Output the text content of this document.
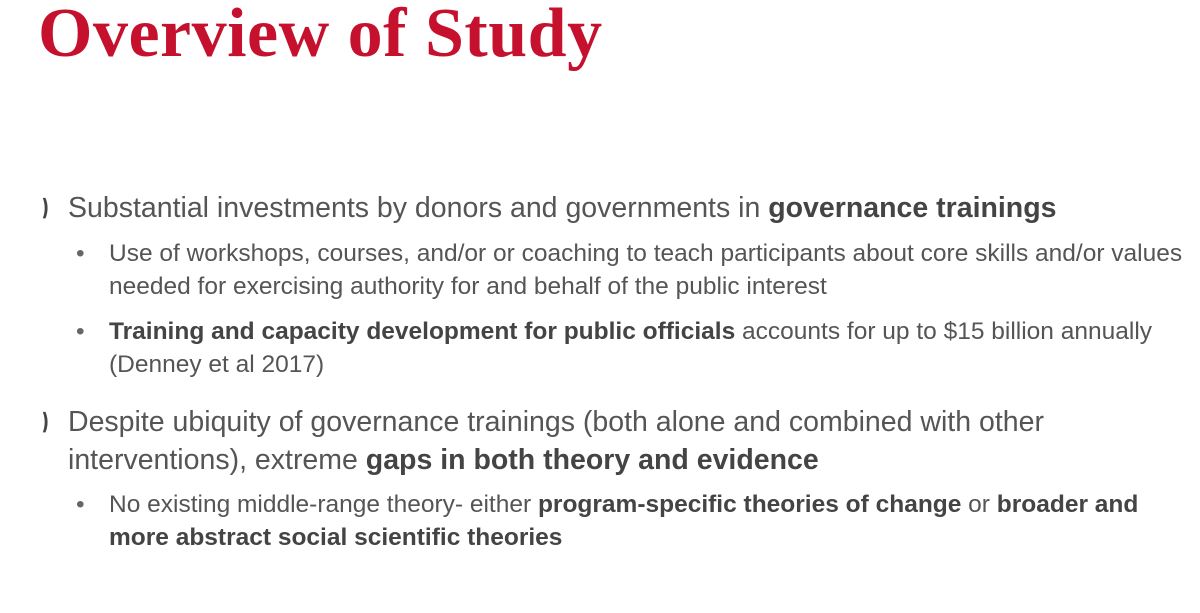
Overview of Study
❫ Substantial investments by donors and governments in governance trainings
• Use of workshops, courses, and/or or coaching to teach participants about core skills and/or values needed for exercising authority for and behalf of the public interest
• Training and capacity development for public officials accounts for up to $15 billion annually (Denney et al 2017)
❫ Despite ubiquity of governance trainings (both alone and combined with other interventions), extreme gaps in both theory and evidence
• No existing middle-range theory- either program-specific theories of change or broader and more abstract social scientific theories
